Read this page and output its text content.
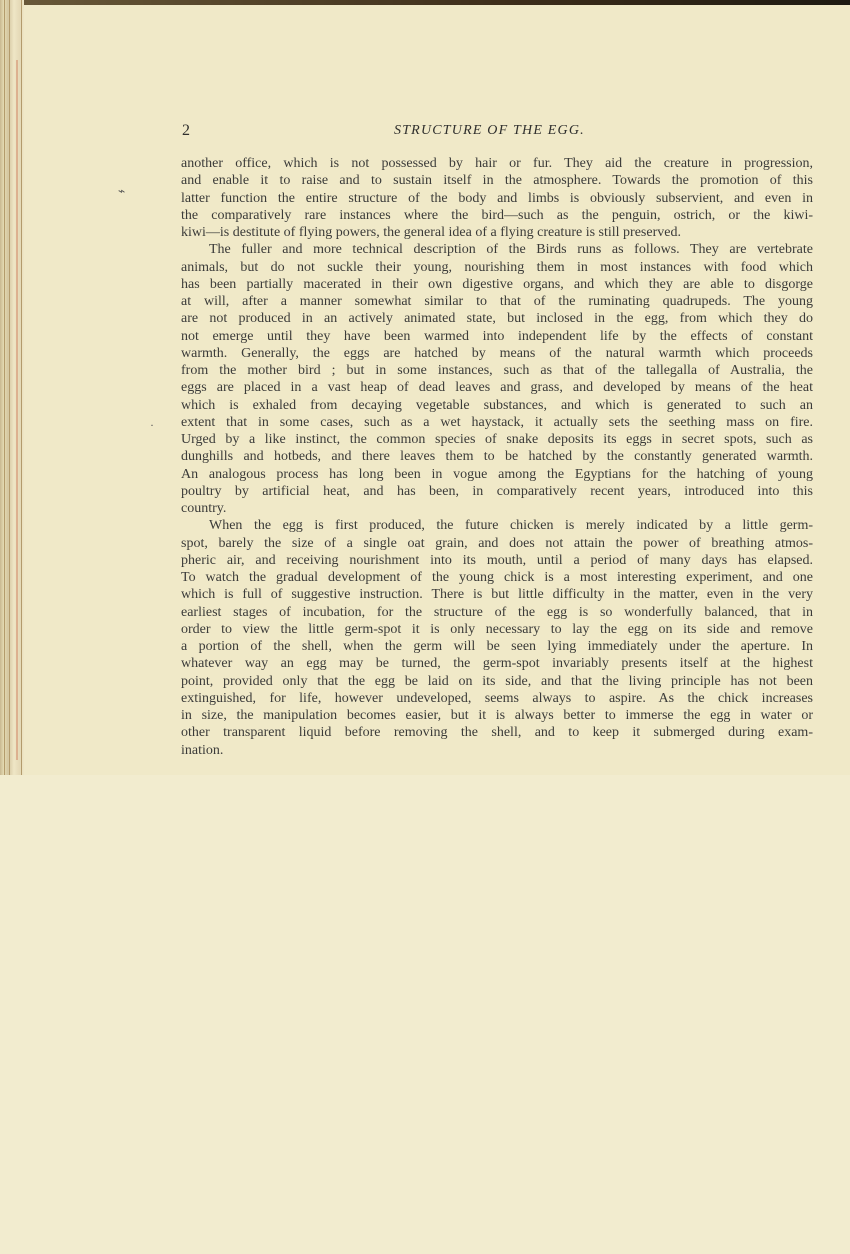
⌁
·
2	STRUCTURE OF THE EGG.
another office, which is not possessed by hair or fur. They aid the creature in progression,
and enable it to raise and to sustain itself in the atmosphere. Towards the promotion of this
latter function the entire structure of the body and limbs is obviously subservient, and even in
the comparatively rare instances where the bird—such as the penguin, ostrich, or the kiwi-
kiwi—is destitute of flying powers, the general idea of a flying creature is still preserved.
The fuller and more technical description of the Birds runs as follows. They are vertebrate
animals, but do not suckle their young, nourishing them in most instances with food which
has been partially macerated in their own digestive organs, and which they are able to disgorge
at will, after a manner somewhat similar to that of the ruminating quadrupeds. The young
are not produced in an actively animated state, but inclosed in the egg, from which they do
not emerge until they have been warmed into independent life by the effects of constant
warmth. Generally, the eggs are hatched by means of the natural warmth which proceeds
from the mother bird ; but in some instances, such as that of the tallegalla of Australia, the
eggs are placed in a vast heap of dead leaves and grass, and developed by means of the heat
which is exhaled from decaying vegetable substances, and which is generated to such an
extent that in some cases, such as a wet haystack, it actually sets the seething mass on fire.
Urged by a like instinct, the common species of snake deposits its eggs in secret spots, such as
dunghills and hotbeds, and there leaves them to be hatched by the constantly generated warmth.
An analogous process has long been in vogue among the Egyptians for the hatching of young
poultry by artificial heat, and has been, in comparatively recent years, introduced into this
country.
When the egg is first produced, the future chicken is merely indicated by a little germ-
spot, barely the size of a single oat grain, and does not attain the power of breathing atmos-
pheric air, and receiving nourishment into its mouth, until a period of many days has elapsed.
To watch the gradual development of the young chick is a most interesting experiment, and one
which is full of suggestive instruction. There is but little difficulty in the matter, even in the very
earliest stages of incubation, for the structure of the egg is so wonderfully balanced, that in
order to view the little germ-spot it is only necessary to lay the egg on its side and remove
a portion of the shell, when the germ will be seen lying immediately under the aperture. In
whatever way an egg may be turned, the germ-spot invariably presents itself at the highest
point, provided only that the egg be laid on its side, and that the living principle has not been
extinguished, for life, however undeveloped, seems always to aspire. As the chick increases
in size, the manipulation becomes easier, but it is always better to immerse the egg in water or
other transparent liquid before removing the shell, and to keep it submerged during exam-
ination.
